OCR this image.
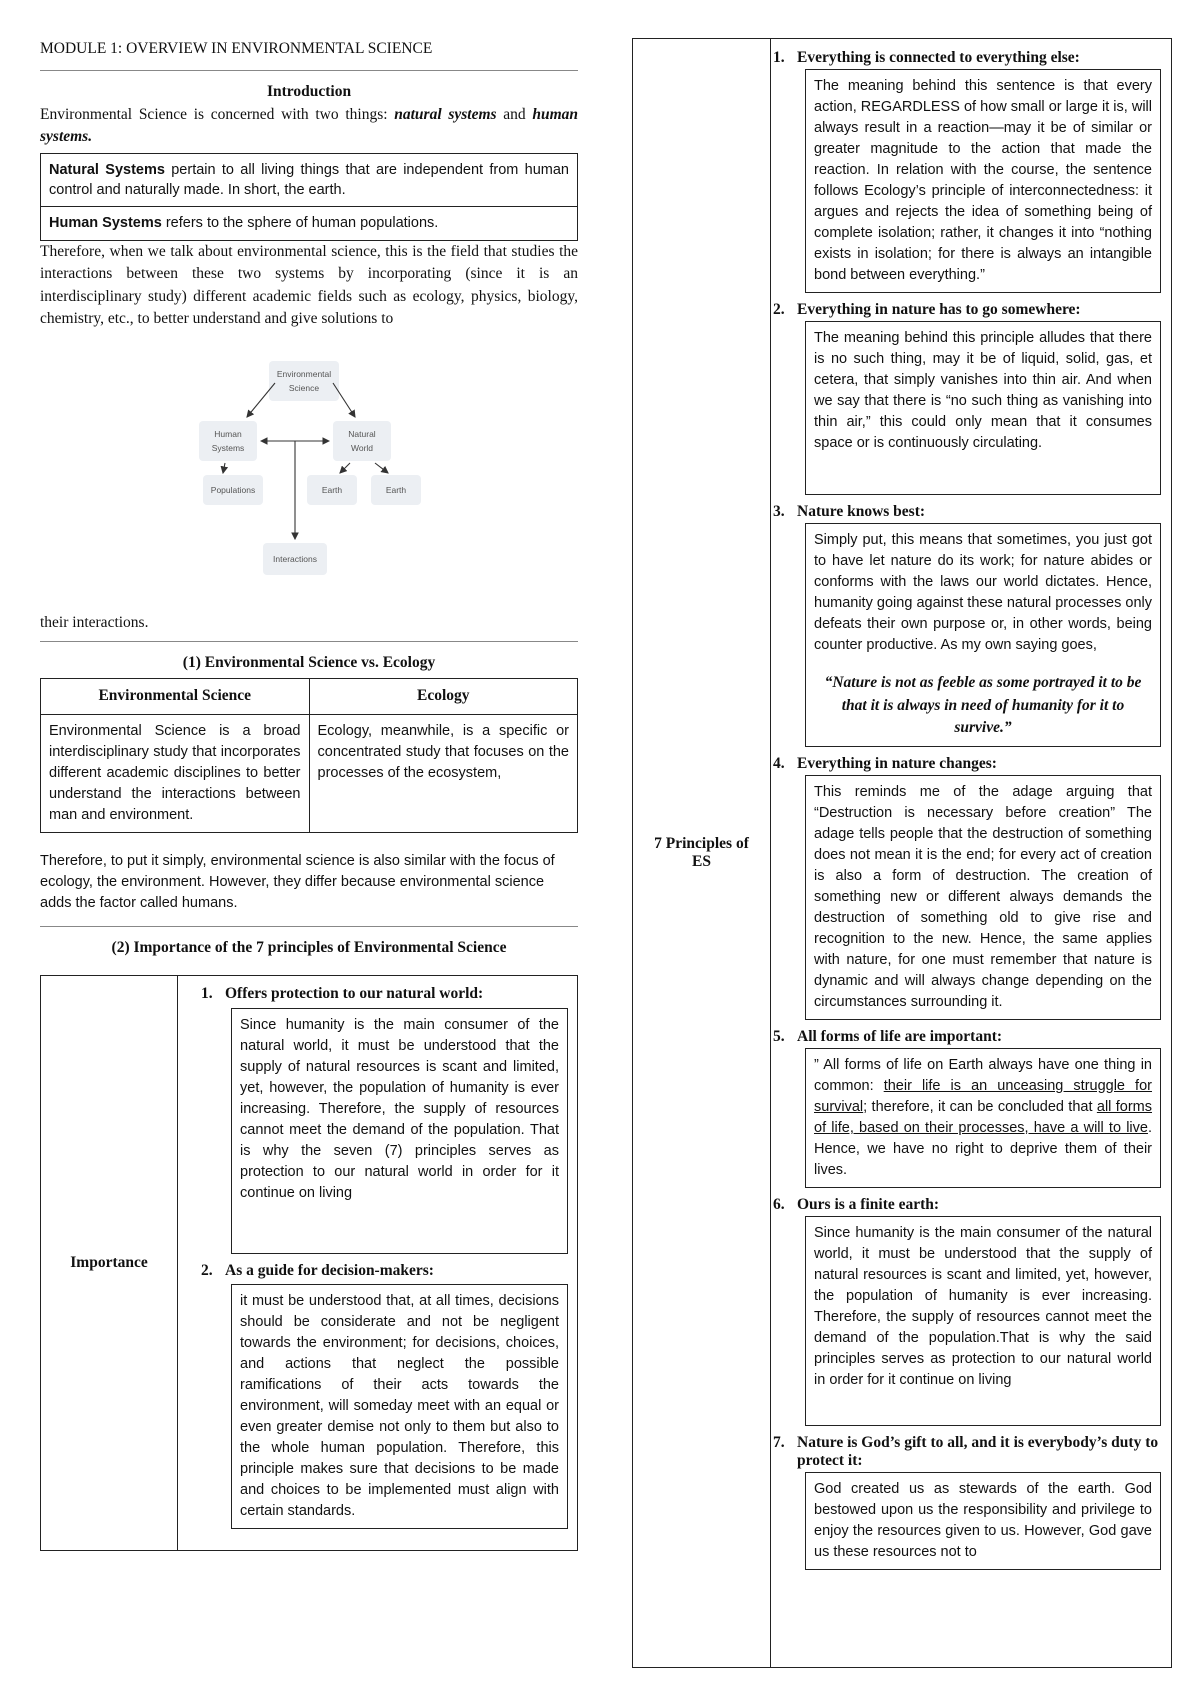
MODULE 1: OVERVIEW IN ENVIRONMENTAL SCIENCE
Introduction
Environmental Science is concerned with two things: natural systems and human systems.
Natural Systems pertain to all living things that are independent from human control and naturally made. In short, the earth.
Human Systems refers to the sphere of human populations.
Therefore, when we talk about environmental science, this is the field that studies the interactions between these two systems by incorporating (since it is an interdisciplinary study) different academic fields such as ecology, physics, biology, chemistry, etc., to better understand and give solutions to
Environmental
Science
Human
Systems
Natural
World
Populations	Earth	Earth
Interactions
their interactions.
(1) Environmental Science vs. Ecology
Environmental Science	Ecology
Environmental Science is a broad interdisciplinary study that incorporates different academic disciplines to better understand the interactions between man and environment.	Ecology, meanwhile, is a specific or concentrated study that focuses on the processes of the ecosystem,
Therefore, to put it simply, environmental science is also similar with the focus of ecology, the environment. However, they differ because environmental science adds the factor called humans.
(2) Importance of the 7 principles of Environmental Science
Importance	
1. Offers protection to our natural world:
Since humanity is the main consumer of the natural world, it must be understood that the supply of natural resources is scant and limited, yet, however, the population of humanity is ever increasing. Therefore, the supply of resources cannot meet the demand of the population. That is why the seven (7) principles serves as protection to our natural world in order for it continue on living
2. As a guide for decision-makers:
it must be understood that, at all times, decisions should be considerate and not be negligent towards the environment; for decisions, choices, and actions that neglect the possible ramifications of their acts towards the environment, will someday meet with an equal or even greater demise not only to them but also to the whole human population. Therefore, this principle makes sure that decisions to be made and choices to be implemented must align with certain standards.
7 Principles of ES
1. Everything is connected to everything else:
The meaning behind this sentence is that every action, REGARDLESS of how small or large it is, will always result in a reaction—may it be of similar or greater magnitude to the action that made the reaction. In relation with the course, the sentence follows Ecology’s principle of interconnectedness: it argues and rejects the idea of something being of complete isolation; rather, it changes it into “nothing exists in isolation; for there is always an intangible bond between everything.”
2. Everything in nature has to go somewhere:
The meaning behind this principle alludes that there is no such thing, may it be of liquid, solid, gas, et cetera, that simply vanishes into thin air. And when we say that there is “no such thing as vanishing into thin air,” this could only mean that it consumes space or is continuously circulating.
3. Nature knows best:
Simply put, this means that sometimes, you just got to have let nature do its work; for nature abides or conforms with the laws our world dictates. Hence, humanity going against these natural processes only defeats their own purpose or, in other words, being counter productive. As my own saying goes,
“Nature is not as feeble as some portrayed it to be that it is always in need of humanity for it to survive.”
4. Everything in nature changes:
This reminds me of the adage arguing that “Destruction is necessary before creation” The adage tells people that the destruction of something does not mean it is the end; for every act of creation is also a form of destruction. The creation of something new or different always demands the destruction of something old to give rise and recognition to the new. Hence, the same applies with nature, for one must remember that nature is dynamic and will always change depending on the circumstances surrounding it.
5. All forms of life are important:
” All forms of life on Earth always have one thing in common: their life is an unceasing struggle for survival; therefore, it can be concluded that all forms of life, based on their processes, have a will to live. Hence, we have no right to deprive them of their lives.
6. Ours is a finite earth:
Since humanity is the main consumer of the natural world, it must be understood that the supply of natural resources is scant and limited, yet, however, the population of humanity is ever increasing. Therefore, the supply of resources cannot meet the demand of the population.That is why the said principles serves as protection to our natural world in order for it continue on living
7. Nature is God’s gift to all, and it is everybody’s duty to protect it:
God created us as stewards of the earth. God bestowed upon us the responsibility and privilege to enjoy the resources given to us. However, God gave us these resources not to
